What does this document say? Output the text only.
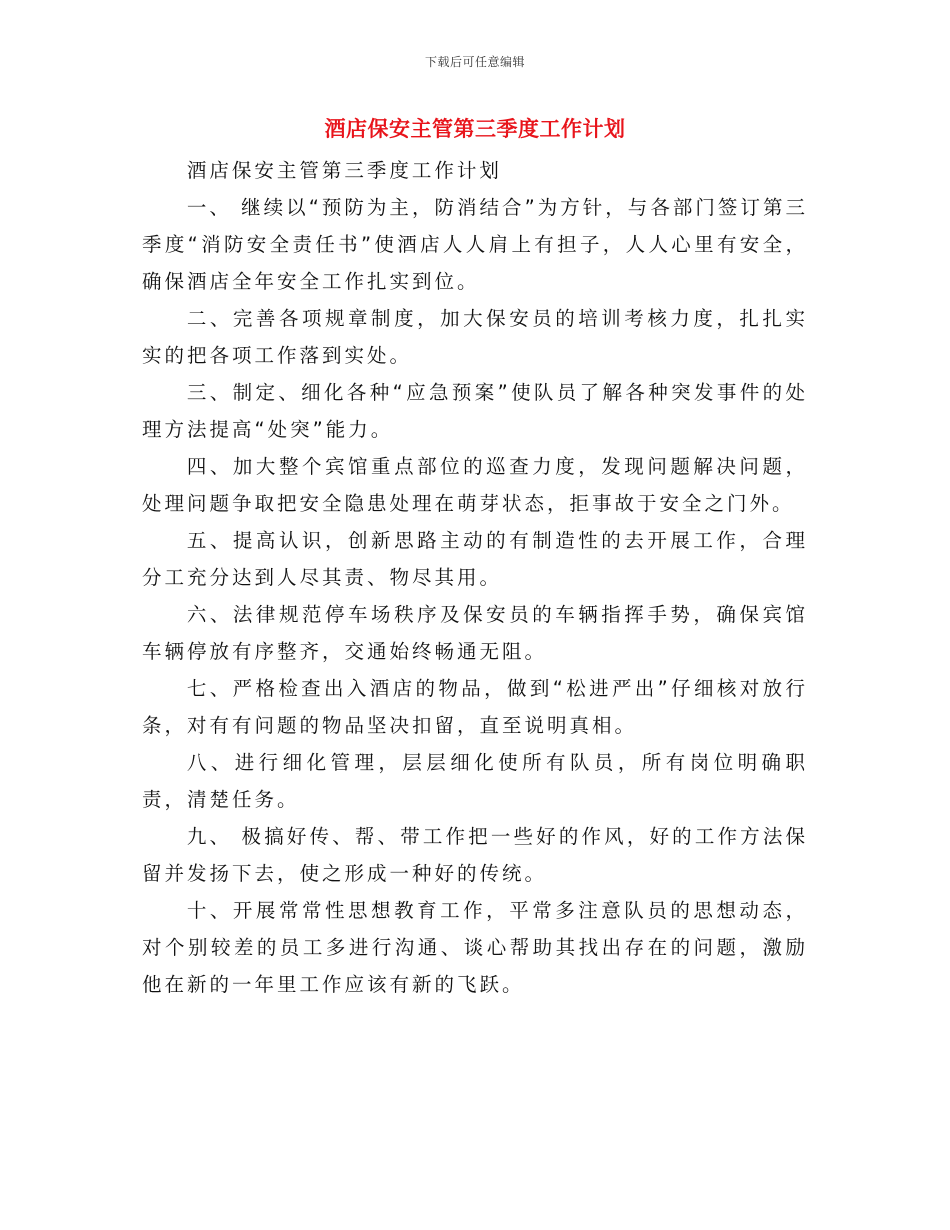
下载后可任意编辑
酒店保安主管第三季度工作计划

酒店保安主管第三季度工作计划

一、 继续以“预防为主，防消结合”为方针，与各部门签订第三季度“消防安全责任书”使酒店人人肩上有担子，人人心里有安全，确保酒店全年安全工作扎实到位。

二、完善各项规章制度，加大保安员的培训考核力度，扎扎实实的把各项工作落到实处。

三、制定、细化各种“应急预案”使队员了解各种突发事件的处理方法提高“处突”能力。

四、加大整个宾馆重点部位的巡查力度，发现问题解决问题，处理问题争取把安全隐患处理在萌芽状态，拒事故于安全之门外。

五、提高认识，创新思路主动的有制造性的去开展工作，合理分工充分达到人尽其责、物尽其用。

六、法律规范停车场秩序及保安员的车辆指挥手势，确保宾馆车辆停放有序整齐，交通始终畅通无阻。

七、严格检查出入酒店的物品，做到“松进严出”仔细核对放行条，对有有问题的物品坚决扣留，直至说明真相。

八、进行细化管理，层层细化使所有队员，所有岗位明确职责，清楚任务。

九、 极搞好传、帮、带工作把一些好的作风，好的工作方法保留并发扬下去，使之形成一种好的传统。

十、开展常常性思想教育工作，平常多注意队员的思想动态，对个别较差的员工多进行沟通、谈心帮助其找出存在的问题，激励他在新的一年里工作应该有新的飞跃。
